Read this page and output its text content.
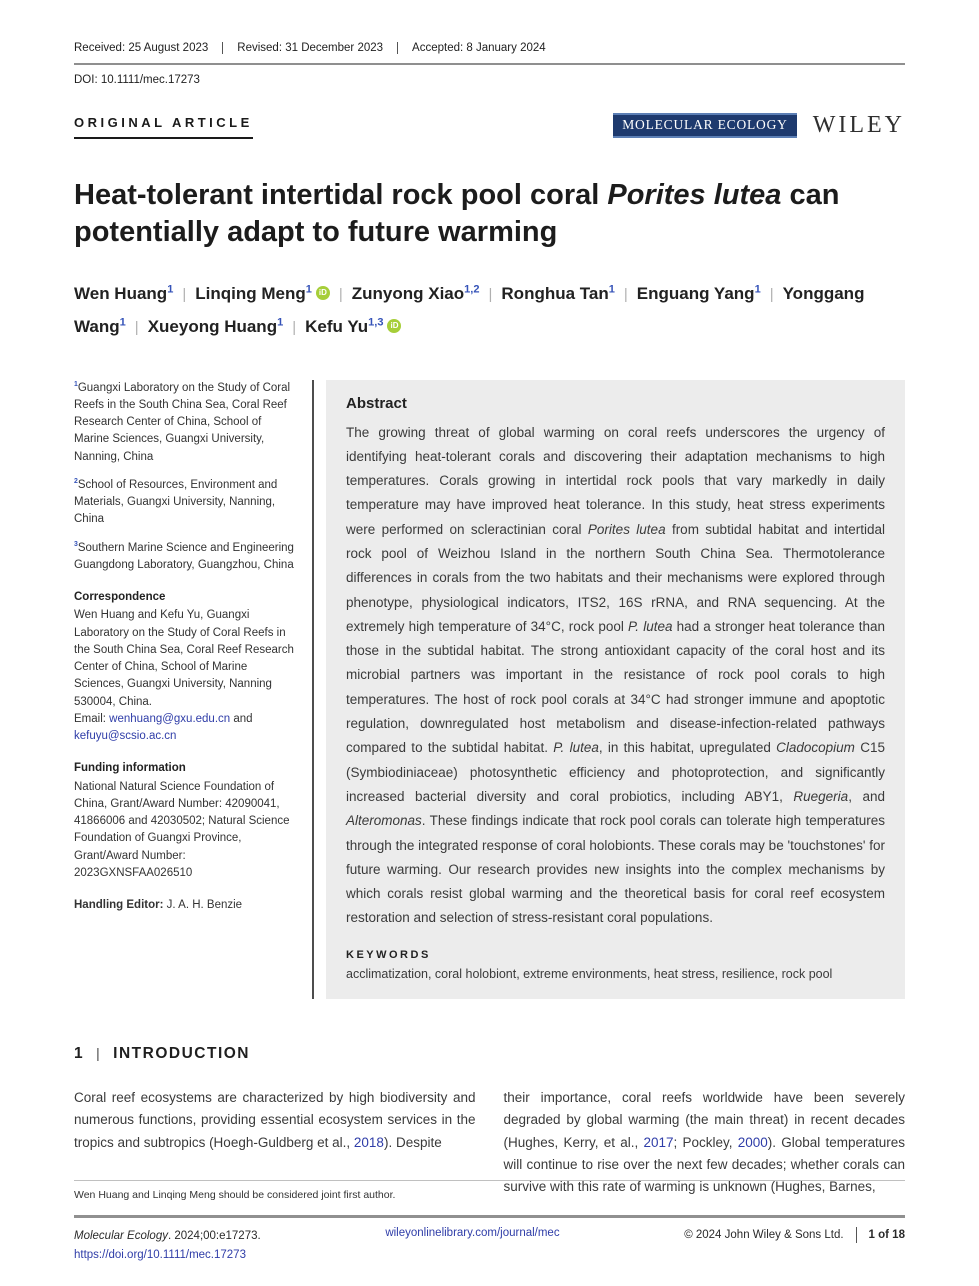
Received: 25 August 2023	Revised: 31 December 2023	Accepted: 8 January 2024
DOI: 10.1111/mec.17273
ORIGINAL ARTICLE	MOLECULAR ECOLOGY	WILEY
Heat-tolerant intertidal rock pool coral Porites lutea can potentially adapt to future warming
Wen Huang$^1$ | Linqing Meng$^1$ iD | Zunyong Xiao$^{1,2}$ | Ronghua Tan$^1$ | Enguang Yang$^1$ | Yonggang Wang$^1$ | Xueyong Huang$^1$ | Kefu Yu$^{1,3}$ iD
$^1$Guangxi Laboratory on the Study of Coral Reefs in the South China Sea, Coral Reef Research Center of China, School of Marine Sciences, Guangxi University, Nanning, China
$^2$School of Resources, Environment and Materials, Guangxi University, Nanning, China
$^3$Southern Marine Science and Engineering Guangdong Laboratory, Guangzhou, China
Correspondence
Wen Huang and Kefu Yu, Guangxi Laboratory on the Study of Coral Reefs in the South China Sea, Coral Reef Research Center of China, School of Marine Sciences, Guangxi University, Nanning 530004, China.
Email: wenhuang@gxu.edu.cn and kefuyu@scsio.ac.cn
Funding information
National Natural Science Foundation of China, Grant/Award Number: 42090041, 41866006 and 42030502; Natural Science Foundation of Guangxi Province, Grant/Award Number: 2023GXNSFAA026510
Handling Editor: J. A. H. Benzie
Abstract
The growing threat of global warming on coral reefs underscores the urgency of identifying heat-tolerant corals and discovering their adaptation mechanisms to high temperatures. Corals growing in intertidal rock pools that vary markedly in daily temperature may have improved heat tolerance. In this study, heat stress experiments were performed on scleractinian coral Porites lutea from subtidal habitat and intertidal rock pool of Weizhou Island in the northern South China Sea. Thermotolerance differences in corals from the two habitats and their mechanisms were explored through phenotype, physiological indicators, ITS2, 16S rRNA, and RNA sequencing. At the extremely high temperature of 34°C, rock pool P. lutea had a stronger heat tolerance than those in the subtidal habitat. The strong antioxidant capacity of the coral host and its microbial partners was important in the resistance of rock pool corals to high temperatures. The host of rock pool corals at 34°C had stronger immune and apoptotic regulation, downregulated host metabolism and disease-infection-related pathways compared to the subtidal habitat. P. lutea, in this habitat, upregulated Cladocopium C15 (Symbiodiniaceae) photosynthetic efficiency and photoprotection, and significantly increased bacterial diversity and coral probiotics, including ABY1, Ruegeria, and Alteromonas. These findings indicate that rock pool corals can tolerate high temperatures through the integrated response of coral holobionts. These corals may be 'touchstones' for future warming. Our research provides new insights into the complex mechanisms by which corals resist global warming and the theoretical basis for coral reef ecosystem restoration and selection of stress-resistant coral populations.
KEYWORDS
acclimatization, coral holobiont, extreme environments, heat stress, resilience, rock pool
1 | INTRODUCTION
Coral reef ecosystems are characterized by high biodiversity and numerous functions, providing essential ecosystem services in the tropics and subtropics (Hoegh-Guldberg et al., 2018). Despite
their importance, coral reefs worldwide have been severely degraded by global warming (the main threat) in recent decades (Hughes, Kerry, et al., 2017; Pockley, 2000). Global temperatures will continue to rise over the next few decades; whether corals can survive with this rate of warming is unknown (Hughes, Barnes,
Wen Huang and Linqing Meng should be considered joint first author.
Molecular Ecology. 2024;00:e17273.
https://doi.org/10.1111/mec.17273
wileyonlinelibrary.com/journal/mec	© 2024 John Wiley & Sons Ltd. 1 of 18
